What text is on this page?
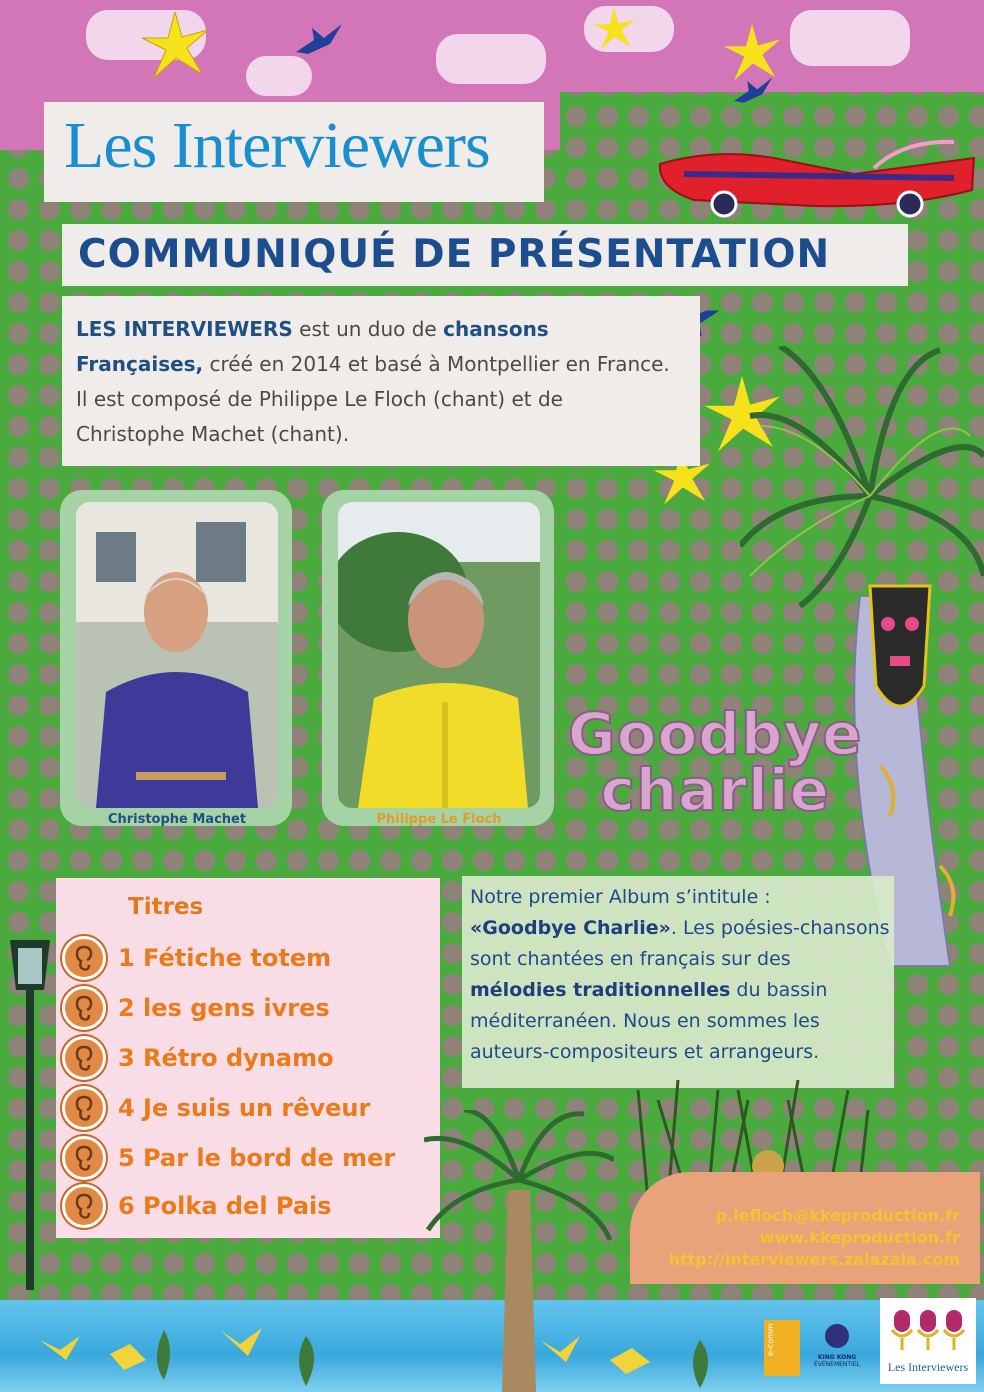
Les Interviewers
COMMUNIQUÉ DE PRÉSENTATION
LES INTERVIEWERS est un duo de chansons Françaises, créé en 2014 et basé à Montpellier en France. Il est composé de Philippe Le Floch (chant) et de Christophe Machet (chant).
Christophe Machet	Philippe Le Floch
Goodbye
charlie
Titres
1 Fétiche totem
2 les gens ivres
3 Rétro dynamo
4 Je suis un rêveur
5 Par le bord de mer
6 Polka del Pais
Notre premier Album s’intitule :
«Goodbye Charlie». Les poésies-chansons sont chantées en français sur des mélodies traditionnelles du bassin méditerranéen. Nous en sommes les auteurs-compositeurs et arrangeurs.
p.lefloch@kkeproduction.fr
www.kkeproduction.fr
http://interviewers.zalazala.com
e-comm
KING KONG
ÉVÉNEMENTIEL	Les Interviewers
